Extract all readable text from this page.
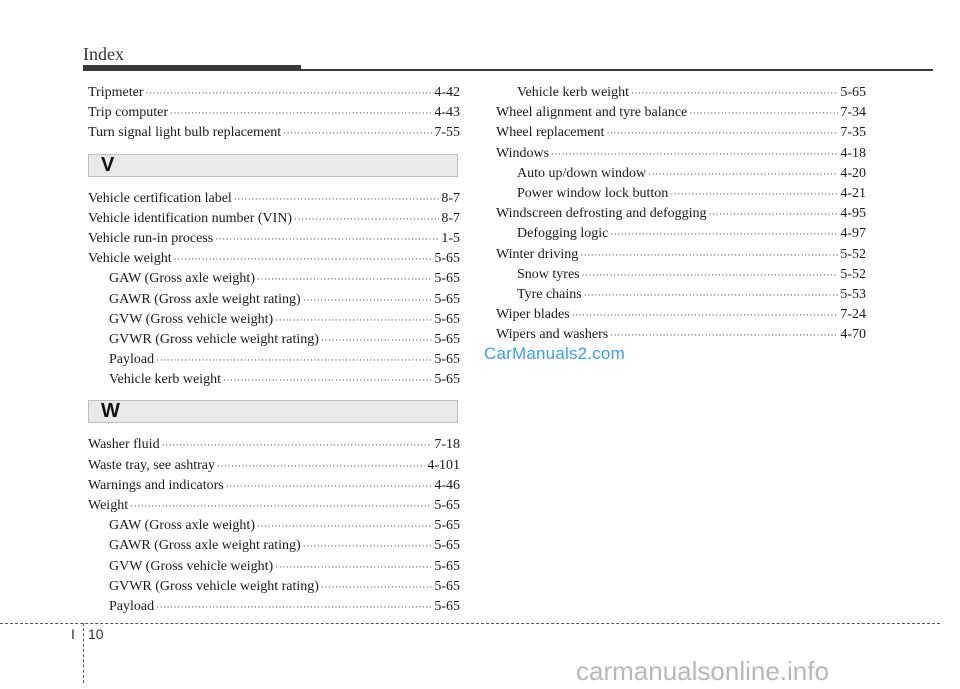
Index
Tripmeter ·····	4-42
Trip computer ·····	4-43
Turn signal light bulb replacement ·····	7-55
V
Vehicle certification label ·····	8-7
Vehicle identification number (VIN) ·····	8-7
Vehicle run-in process ·····	1-5
Vehicle weight ·····	5-65
GAW (Gross axle weight) ·····	5-65
GAWR (Gross axle weight rating) ·····	5-65
GVW (Gross vehicle weight) ·····	5-65
GVWR (Gross vehicle weight rating) ·····	5-65
Payload ·····	5-65
Vehicle kerb weight ·····	5-65
W
Washer fluid ·····	7-18
Waste tray, see ashtray ·····	4-101
Warnings and indicators ·····	4-46
Weight ·····	5-65
GAW (Gross axle weight) ·····	5-65
GAWR (Gross axle weight rating) ·····	5-65
GVW (Gross vehicle weight) ·····	5-65
GVWR (Gross vehicle weight rating) ·····	5-65
Payload ·····	5-65
Vehicle kerb weight ·····	5-65
Wheel alignment and tyre balance ·····	7-34
Wheel replacement ·····	7-35
Windows ·····	4-18
Auto up/down window ·····	4-20
Power window lock button ·····	4-21
Windscreen defrosting and defogging ·····	4-95
Defogging logic ·····	4-97
Winter driving ·····	5-52
Snow tyres ·····	5-52
Tyre chains ·····	5-53
Wiper blades ·····	7-24
Wipers and washers ·····	4-70
CarManuals2.com
I 10
carmanualsonline.info
